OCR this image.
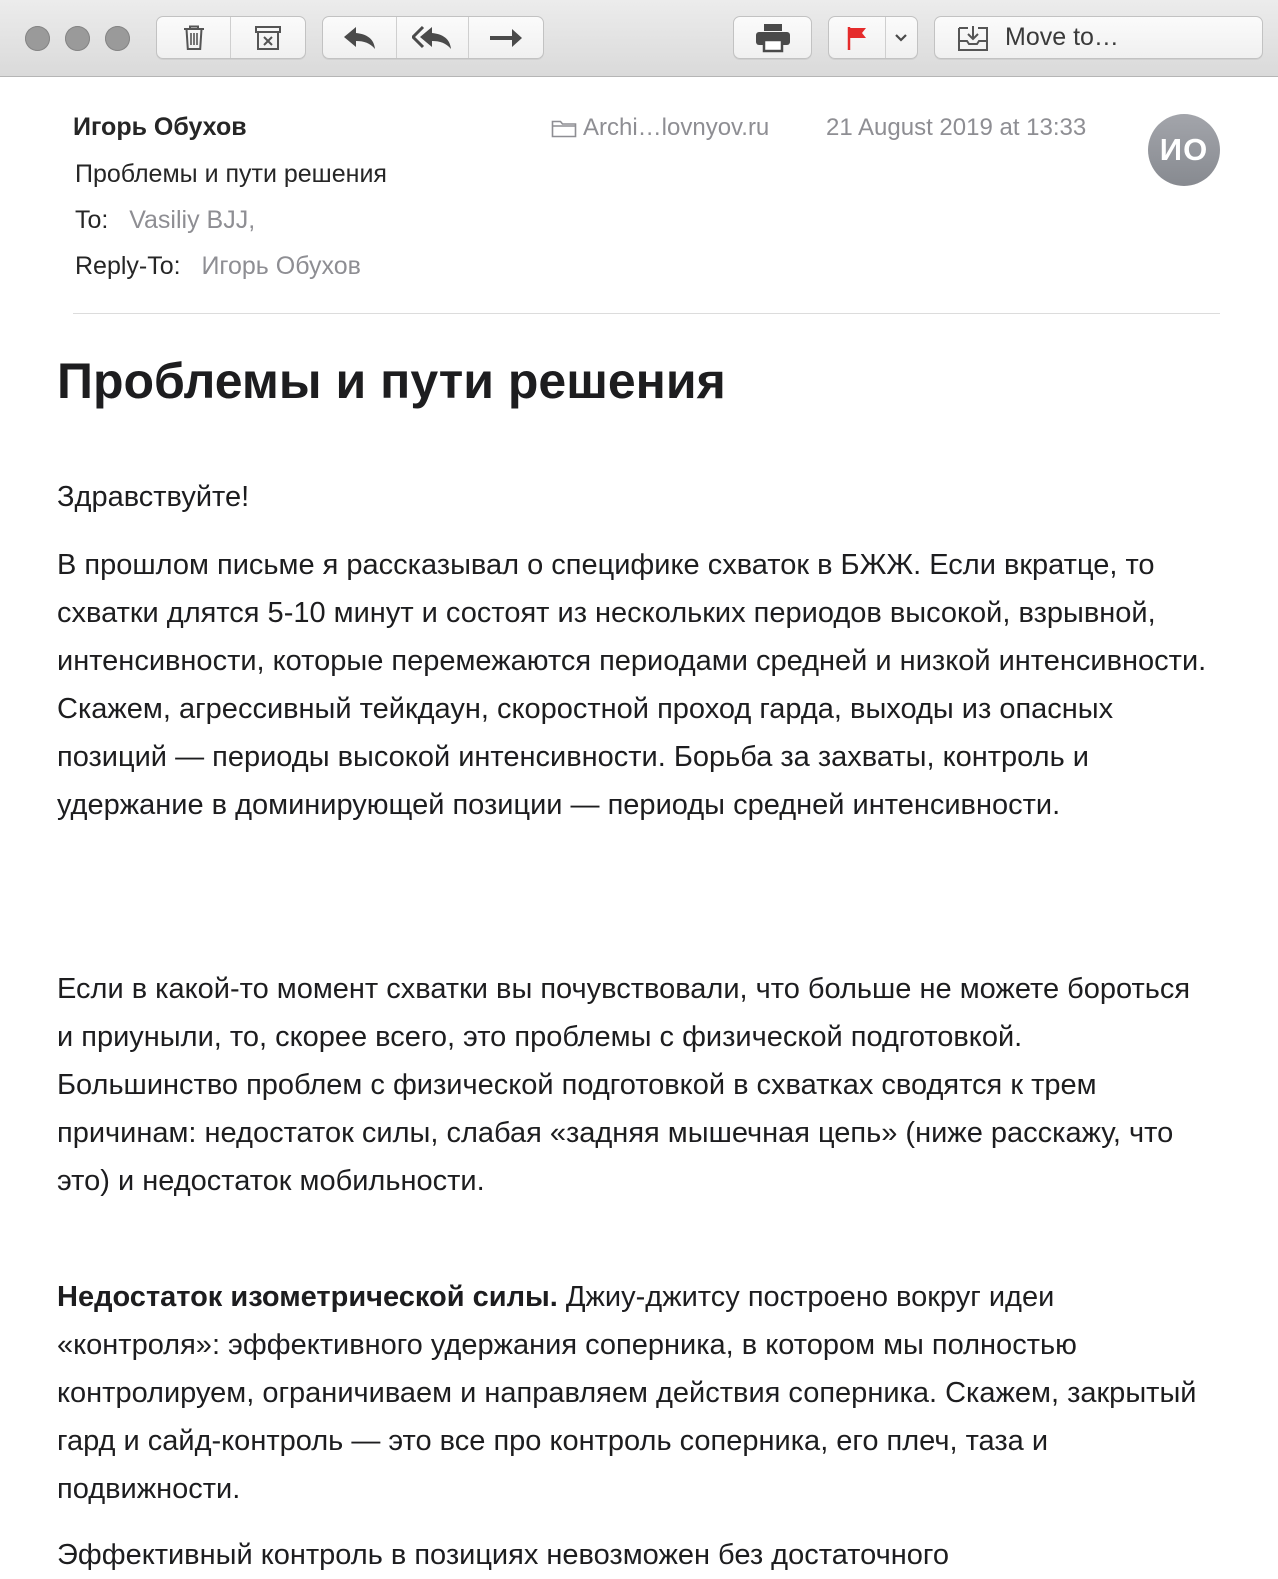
Move to…
Игорь Обухов
Проблемы и пути решения
To: Vasiliy BJJ,
Reply-To: Игорь Обухов
Archi…lovnyov.ru 21 August 2019 at 13:33
ИО
Проблемы и пути решения

Здравствуйте!

В прошлом письме я рассказывал о специфике схваток в БЖЖ. Если вкратце, то схватки длятся 5-10 минут и состоят из нескольких периодов высокой, взрывной, интенсивности, которые перемежаются периодами средней и низкой интенсивности. Скажем, агрессивный тейкдаун, скоростной проход гарда, выходы из опасных позиций — периоды высокой интенсивности. Борьба за захваты, контроль и удержание в доминирующей позиции — периоды средней интенсивности.

Если в какой-то момент схватки вы почувствовали, что больше не можете бороться и приуныли, то, скорее всего, это проблемы с физической подготовкой. Большинство проблем с физической подготовкой в схватках сводятся к трем причинам: недостаток силы, слабая «задняя мышечная цепь» (ниже расскажу, что это) и недостаток мобильности.

Недостаток изометрической силы. Джиу-джитсу построено вокруг идеи «контроля»: эффективного удержания соперника, в котором мы полностью контролируем, ограничиваем и направляем действия соперника. Скажем, закрытый гард и сайд-контроль — это все про контроль соперника, его плеч, таза и подвижности.

Эффективный контроль в позициях невозможен без достаточного
